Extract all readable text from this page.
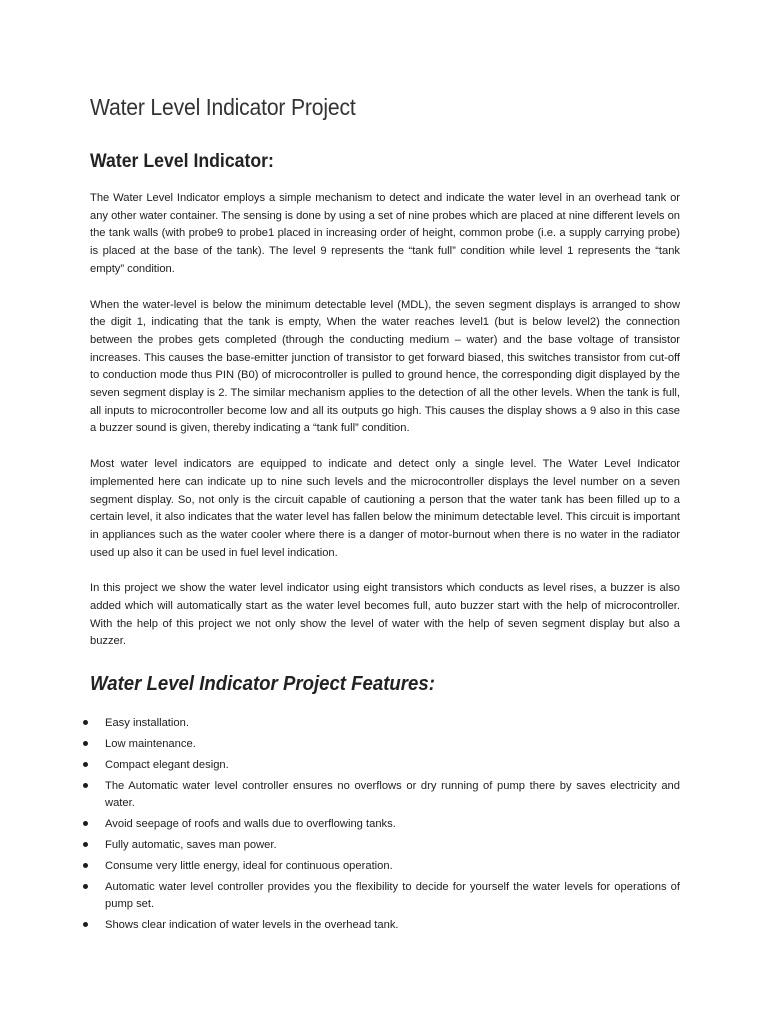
Water Level Indicator Project
Water Level Indicator:

The Water Level Indicator employs a simple mechanism to detect and indicate the water level in an overhead tank or any other water container. The sensing is done by using a set of nine probes which are placed at nine different levels on the tank walls (with probe9 to probe1 placed in increasing order of height, common probe (i.e. a supply carrying probe) is placed at the base of the tank). The level 9 represents the “tank full” condition while level 1 represents the “tank empty” condition.

When the water-level is below the minimum detectable level (MDL), the seven segment displays is arranged to show the digit 1, indicating that the tank is empty, When the water reaches level1 (but is below level2) the connection between the probes gets completed (through the conducting medium – water) and the base voltage of transistor increases. This causes the base-emitter junction of transistor to get forward biased, this switches transistor from cut-off to conduction mode thus PIN (B0) of microcontroller is pulled to ground hence, the corresponding digit displayed by the seven segment display is 2. The similar mechanism applies to the detection of all the other levels. When the tank is full, all inputs to microcontroller become low and all its outputs go high. This causes the display shows a 9 also in this case a buzzer sound is given, thereby indicating a “tank full” condition.

Most water level indicators are equipped to indicate and detect only a single level. The Water Level Indicator implemented here can indicate up to nine such levels and the microcontroller displays the level number on a seven segment display. So, not only is the circuit capable of cautioning a person that the water tank has been filled up to a certain level, it also indicates that the water level has fallen below the minimum detectable level. This circuit is important in appliances such as the water cooler where there is a danger of motor-burnout when there is no water in the radiator used up also it can be used in fuel level indication.

In this project we show the water level indicator using eight transistors which conducts as level rises, a buzzer is also added which will automatically start as the water level becomes full, auto buzzer start with the help of microcontroller. With the help of this project we not only show the level of water with the help of seven segment display but also a buzzer.

Water Level Indicator Project Features:
Easy installation.
Low maintenance.
Compact elegant design.
The Automatic water level controller ensures no overflows or dry running of pump there by saves electricity and water.
Avoid seepage of roofs and walls due to overflowing tanks.
Fully automatic, saves man power.
Consume very little energy, ideal for continuous operation.
Automatic water level controller provides you the flexibility to decide for yourself the water levels for operations of pump set.
Shows clear indication of water levels in the overhead tank.
